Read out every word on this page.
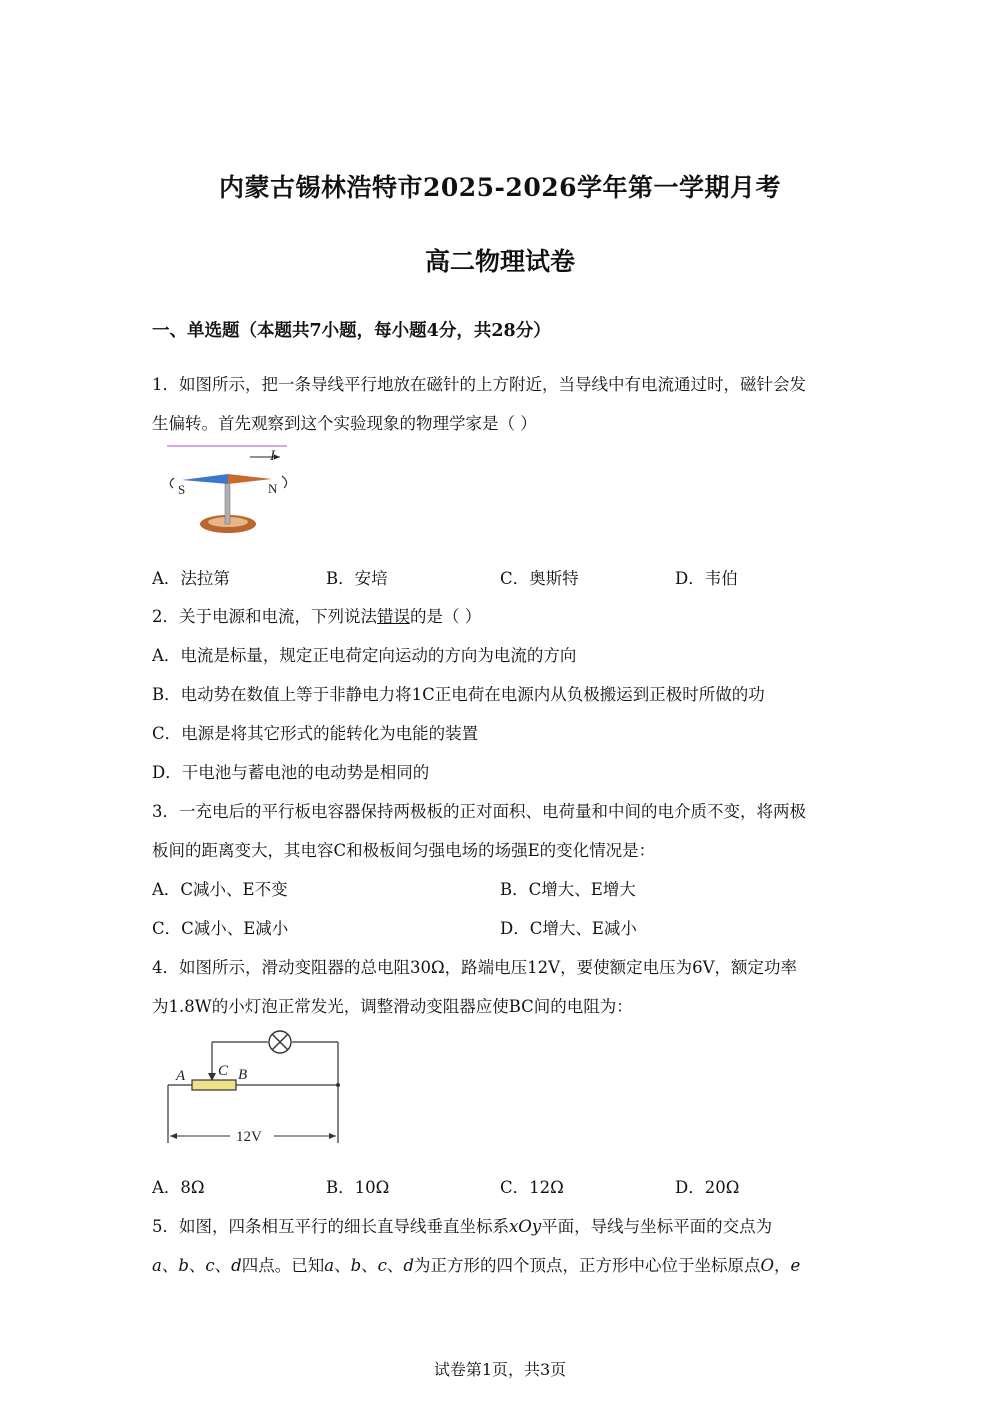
内蒙古锡林浩特市2025-2026学年第一学期月考
高二物理试卷
一、单选题（本题共7小题，每小题4分，共28分）
1．如图所示，把一条导线平行地放在磁针的上方附近，当导线中有电流通过时，磁针会发
生偏转。首先观察到这个实验现象的物理学家是（ ）
I
S	N
A．法拉第	B．安培	C．奥斯特	D．韦伯
2．关于电源和电流，下列说法错误的是（ ）
A．电流是标量，规定正电荷定向运动的方向为电流的方向
B．电动势在数值上等于非静电力将1C正电荷在电源内从负极搬运到正极时所做的功
C．电源是将其它形式的能转化为电能的装置
D．干电池与蓄电池的电动势是相同的
3．一充电后的平行板电容器保持两极板的正对面积、电荷量和中间的电介质不变，将两极
板间的距离变大，其电容C和极板间匀强电场的场强E的变化情况是：
A．C减小、E不变	B．C增大、E增大
C．C减小、E减小	D．C增大、E减小
4．如图所示，滑动变阻器的总电阻30Ω，路端电压12V，要使额定电压为6V，额定功率
为1.8W的小灯泡正常发光，调整滑动变阻器应使BC间的电阻为：
A C B
12V
A．8Ω	B．10Ω	C．12Ω	D．20Ω
5．如图，四条相互平行的细长直导线垂直坐标系xOy平面，导线与坐标平面的交点为
a、b、c、d四点。已知a、b、c、d为正方形的四个顶点，正方形中心位于坐标原点O，e
试卷第1页，共3页
